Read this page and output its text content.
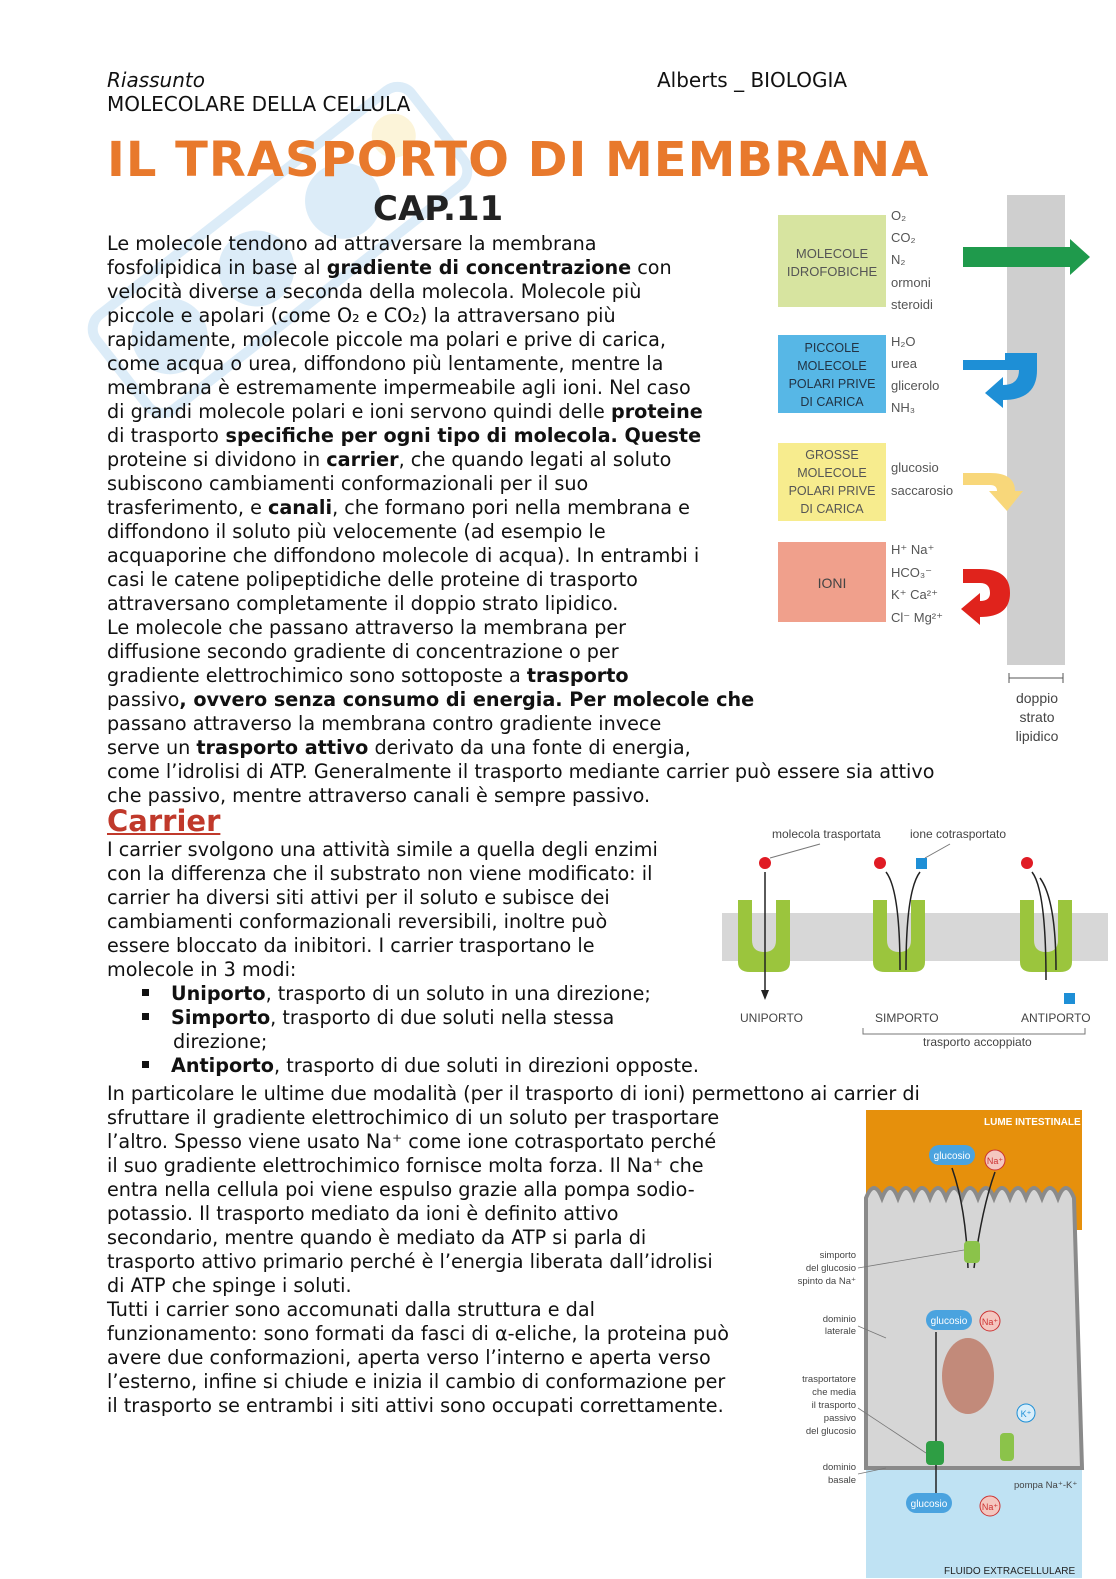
Riassunto
MOLECOLARE DELLA CELLULA
Alberts _ BIOLOGIA
IL TRASPORTO DI MEMBRANA
CAP.11
Le molecole tendono ad attraversare la membrana
fosfolipidica in base al gradiente di concentrazione con
velocità diverse a seconda della molecola. Molecole più
piccole e apolari (come O₂ e CO₂) la attraversano più
rapidamente, molecole piccole ma polari e prive di carica,
come acqua o urea, diffondono più lentamente, mentre la
membrana è estremamente impermeabile agli ioni. Nel caso
di grandi molecole polari e ioni servono quindi delle proteine
di trasporto specifiche per ogni tipo di molecola. Queste
proteine si dividono in carrier, che quando legati al soluto
subiscono cambiamenti conformazionali per il suo
trasferimento, e canali, che formano pori nella membrana e
diffondono il soluto più velocemente (ad esempio le
acquaporine che diffondono molecole di acqua). In entrambi i
casi le catene polipeptidiche delle proteine di trasporto
attraversano completamente il doppio strato lipidico.
Le molecole che passano attraverso la membrana per
diffusione secondo gradiente di concentrazione o per
gradiente elettrochimico sono sottoposte a trasporto
passivo, ovvero senza consumo di energia. Per molecole che
passano attraverso la membrana contro gradiente invece
serve un trasporto attivo derivato da una fonte di energia,
come l’idrolisi di ATP. Generalmente il trasporto mediante carrier può essere sia attivo
che passivo, mentre attraverso canali è sempre passivo.
Carrier
I carrier svolgono una attività simile a quella degli enzimi
con la differenza che il substrato non viene modificato: il
carrier ha diversi siti attivi per il soluto e subisce dei
cambiamenti conformazionali reversibili, inoltre può
essere bloccato da inibitori. I carrier trasportano le
molecole in 3 modi:
Uniporto, trasporto di un soluto in una direzione;
Simporto, trasporto di due soluti nella stessa
direzione;
Antiporto, trasporto di due soluti in direzioni opposte.
In particolare le ultime due modalità (per il trasporto di ioni) permettono ai carrier di
sfruttare il gradiente elettrochimico di un soluto per trasportare
l’altro. Spesso viene usato Na⁺ come ione cotrasportato perché
il suo gradiente elettrochimico fornisce molta forza. Il Na⁺ che
entra nella cellula poi viene espulso grazie alla pompa sodio-
potassio. Il trasporto mediato da ioni è definito attivo
secondario, mentre quando è mediato da ATP si parla di
trasporto attivo primario perché è l’energia liberata dall’idrolisi
di ATP che spinge i soluti.
Tutti i carrier sono accomunati dalla struttura e dal
funzionamento: sono formati da fasci di α-eliche, la proteina può
avere due conformazioni, aperta verso l’interno e aperta verso
l’esterno, infine si chiude e inizia il cambio di conformazione per
il trasporto se entrambi i siti attivi sono occupati correttamente.
doppio
strato
lipidico
MOLECOLE
IDROFOBICHE
O₂
CO₂
N₂
ormoni
steroidi
PICCOLE
MOLECOLE
POLARI PRIVE
DI CARICA
H₂O
urea
glicerolo
NH₃
GROSSE
MOLECOLE
POLARI PRIVE
DI CARICA
glucosio
saccarosio
IONI
H⁺ Na⁺
HCO₃⁻
K⁺ Ca²⁺
Cl⁻ Mg²⁺
molecola trasportata ione cotrasportato
UNIPORTO	SIMPORTO	ANTIPORTO
trasporto accoppiato
LUME INTESTINALE
FLUIDO EXTRACELLULARE
glucosio Na⁺
glucosio Na⁺
K⁺
glucosio	Na⁺
simporto
del glucosio
spinto da Na⁺
dominio
laterale
trasportatore
che media
il trasporto
passivo
del glucosio
dominio
basale	pompa Na⁺-K⁺
